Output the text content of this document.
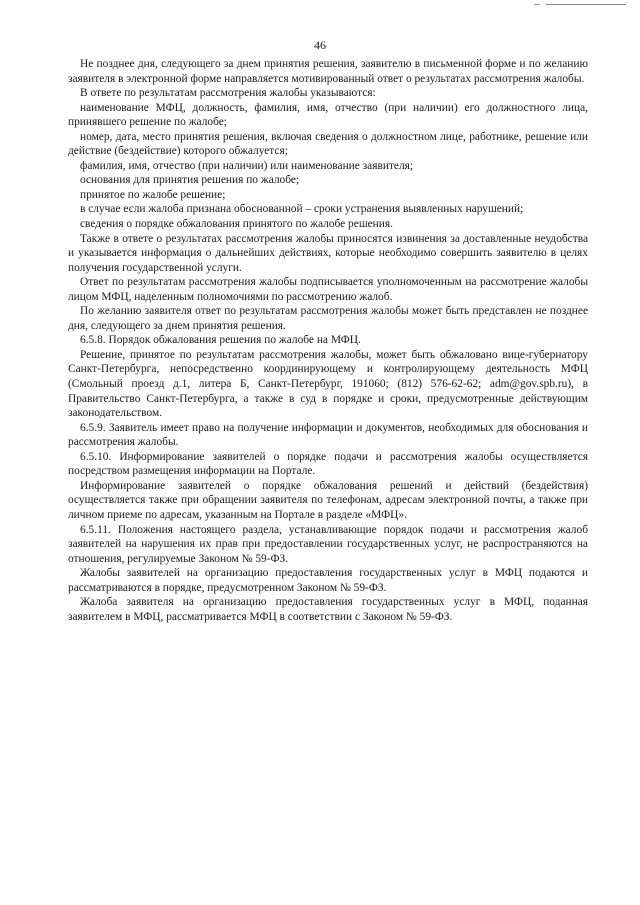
46

Не позднее дня, следующего за днем принятия решения, заявителю в письменной форме и по желанию заявителя в электронной форме направляется мотивированный ответ о результатах рассмотрения жалобы.

В ответе по результатам рассмотрения жалобы указываются:

наименование МФЦ, должность, фамилия, имя, отчество (при наличии) его должностного лица, принявшего решение по жалобе;

номер, дата, место принятия решения, включая сведения о должностном лице, работнике, решение или действие (бездействие) которого обжалуется;

фамилия, имя, отчество (при наличии) или наименование заявителя;

основания для принятия решения по жалобе;

принятое по жалобе решение;

в случае если жалоба признана обоснованной – сроки устранения выявленных нарушений;

сведения о порядке обжалования принятого по жалобе решения.

Также в ответе о результатах рассмотрения жалобы приносятся извинения за доставленные неудобства и указывается информация о дальнейших действиях, которые необходимо совершить заявителю в целях получения государственной услуги.

Ответ по результатам рассмотрения жалобы подписывается уполномоченным на рассмотрение жалобы лицом МФЦ, наделенным полномочиями по рассмотрению жалоб.

По желанию заявителя ответ по результатам рассмотрения жалобы может быть представлен не позднее дня, следующего за днем принятия решения.

6.5.8. Порядок обжалования решения по жалобе на МФЦ.

Решение, принятое по результатам рассмотрения жалобы, может быть обжаловано вице-губернатору Санкт-Петербурга, непосредственно координирующему и контролирующему деятельность МФЦ (Смольный проезд д.1, литера Б, Санкт-Петербург, 191060; (812) 576-62-62; adm@gov.spb.ru), в Правительство Санкт-Петербурга, а также в суд в порядке и сроки, предусмотренные действующим законодательством.

6.5.9. Заявитель имеет право на получение информации и документов, необходимых для обоснования и рассмотрения жалобы.

6.5.10. Информирование заявителей о порядке подачи и рассмотрения жалобы осуществляется посредством размещения информации на Портале.

Информирование заявителей о порядке обжалования решений и действий (бездействия) осуществляется также при обращении заявителя по телефонам, адресам электронной почты, а также при личном приеме по адресам, указанным на Портале в разделе «МФЦ».

6.5.11. Положения настоящего раздела, устанавливающие порядок подачи и рассмотрения жалоб заявителей на нарушения их прав при предоставлении государственных услуг, не распространяются на отношения, регулируемые Законом № 59-ФЗ.

Жалобы заявителей на организацию предоставления государственных услуг в МФЦ подаются и рассматриваются в порядке, предусмотренном Законом № 59-ФЗ.

Жалоба заявителя на организацию предоставления государственных услуг в МФЦ, поданная заявителем в МФЦ, рассматривается МФЦ в соответствии с Законом № 59-ФЗ.
